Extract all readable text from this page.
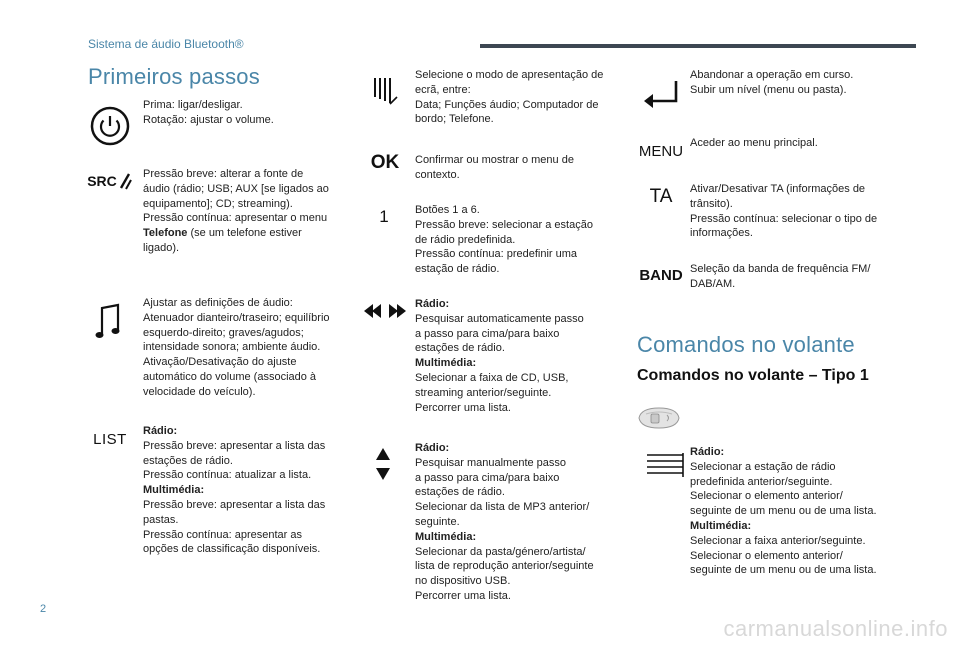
Sistema de áudio Bluetooth®
Primeiros passos

Prima: ligar/desligar.

Rotação: ajustar o volume.

SRC Pressão breve: alterar a fonte de

áudio (rádio; USB; AUX [se ligados ao

equipamento]; CD; streaming).

Pressão contínua: apresentar o menu

Telefone (se um telefone estiver

ligado).

Ajustar as definições de áudio:

Atenuador dianteiro/traseiro; equilíbrio

esquerdo-direito; graves/agudos;

intensidade sonora; ambiente áudio.

Ativação/Desativação do ajuste

automático do volume (associado à

velocidade do veículo).

LIST Rádio:

Pressão breve: apresentar a lista das

estações de rádio.

Pressão contínua: atualizar a lista.

Multimédia:

Pressão breve: apresentar a lista das

pastas.

Pressão contínua: apresentar as

opções de classificação disponíveis.

Selecione o modo de apresentação de

ecrã, entre:

Data; Funções áudio; Computador de

bordo; Telefone.

OK Confirmar ou mostrar o menu de

contexto.

1 Botões 1 a 6.

Pressão breve: selecionar a estação

de rádio predefinida.

Pressão contínua: predefinir uma

estação de rádio.

Rádio:

Pesquisar automaticamente passo

a passo para cima/para baixo

estações de rádio.

Multimédia:

Selecionar a faixa de CD, USB,

streaming anterior/seguinte.

Percorrer uma lista.

Rádio:

Pesquisar manualmente passo

a passo para cima/para baixo

estações de rádio.

Selecionar da lista de MP3 anterior/

seguinte.

Multimédia:

Selecionar da pasta/género/artista/

lista de reprodução anterior/seguinte

no dispositivo USB.

Percorrer uma lista.

Abandonar a operação em curso.

Subir um nível (menu ou pasta).

MENU Aceder ao menu principal.

TA Ativar/Desativar TA (informações de

trânsito).

Pressão contínua: selecionar o tipo de

informações.

BAND Seleção da banda de frequência FM/

DAB/AM.

Comandos no volante
Comandos no volante – Tipo 1

Rádio:

Selecionar a estação de rádio

predefinida anterior/seguinte.

Selecionar o elemento anterior/

seguinte de um menu ou de uma lista.

Multimédia:

Selecionar a faixa anterior/seguinte.

Selecionar o elemento anterior/

seguinte de um menu ou de uma lista.

2
carmanualsonline.info
